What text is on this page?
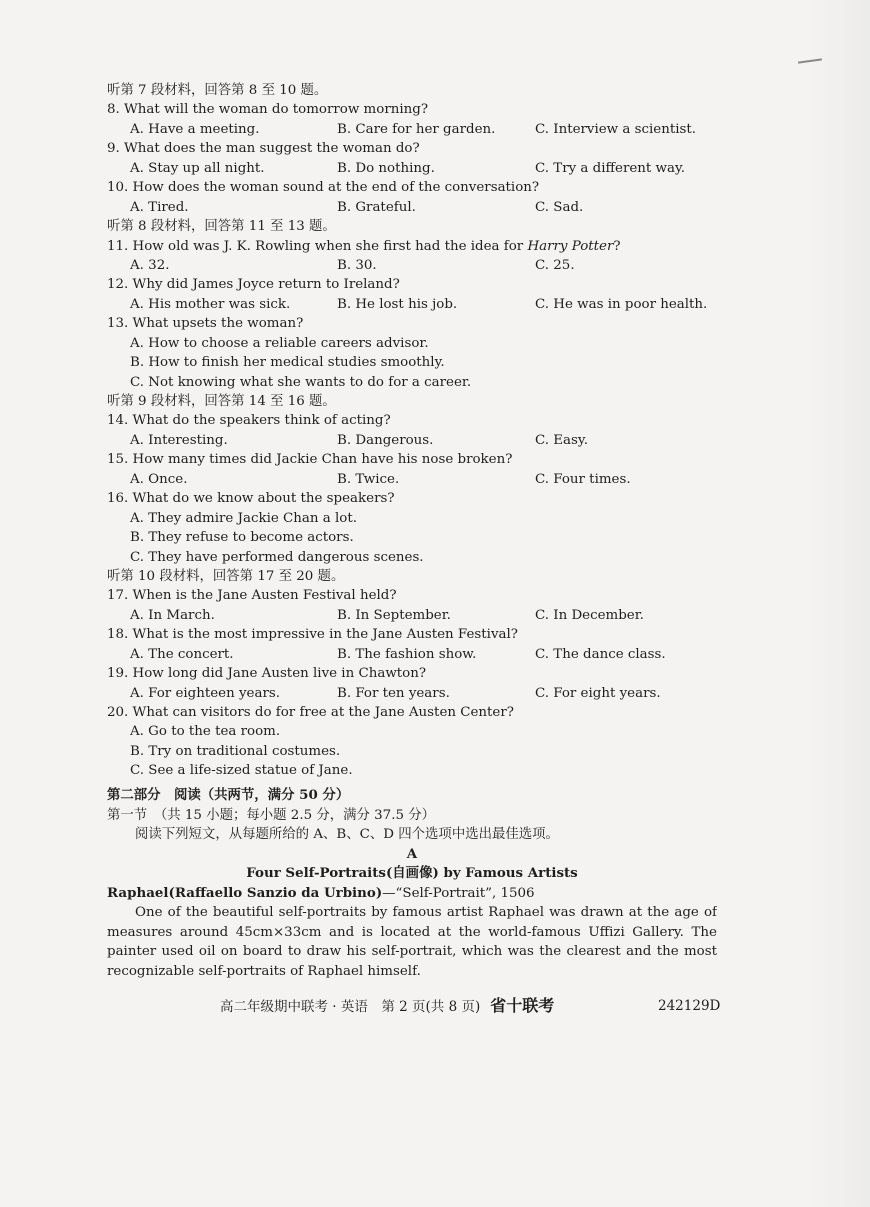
听第 7 段材料，回答第 8 至 10 题。
8. What will the woman do tomorrow morning?
A. Have a meeting.	B. Care for her garden.	C. Interview a scientist.
9. What does the man suggest the woman do?
A. Stay up all night.	B. Do nothing.	C. Try a different way.
10. How does the woman sound at the end of the conversation?
A. Tired.	B. Grateful.	C. Sad.
听第 8 段材料，回答第 11 至 13 题。
11. How old was J. K. Rowling when she first had the idea for Harry Potter?
A. 32.	B. 30.	C. 25.
12. Why did James Joyce return to Ireland?
A. His mother was sick.	B. He lost his job.	C. He was in poor health.
13. What upsets the woman?
A. How to choose a reliable careers advisor.
B. How to finish her medical studies smoothly.
C. Not knowing what she wants to do for a career.
听第 9 段材料，回答第 14 至 16 题。
14. What do the speakers think of acting?
A. Interesting.	B. Dangerous.	C. Easy.
15. How many times did Jackie Chan have his nose broken?
A. Once.	B. Twice.	C. Four times.
16. What do we know about the speakers?
A. They admire Jackie Chan a lot.
B. They refuse to become actors.
C. They have performed dangerous scenes.
听第 10 段材料，回答第 17 至 20 题。
17. When is the Jane Austen Festival held?
A. In March.	B. In September.	C. In December.
18. What is the most impressive in the Jane Austen Festival?
A. The concert.	B. The fashion show.	C. The dance class.
19. How long did Jane Austen live in Chawton?
A. For eighteen years.	B. For ten years.	C. For eight years.
20. What can visitors do for free at the Jane Austen Center?
A. Go to the tea room.
B. Try on traditional costumes.
C. See a life-sized statue of Jane.
第二部分　阅读（共两节，满分 50 分）
第一节　（共 15 小题；每小题 2.5 分，满分 37.5 分）
阅读下列短文，从每题所给的 A、B、C、D 四个选项中选出最佳选项。
A
Four Self-Portraits(自画像) by Famous Artists
Raphael(Raffaello Sanzio da Urbino)—“Self-Portrait”, 1506
One of the beautiful self-portraits by famous artist Raphael was drawn at the age of
measures around 45cm×33cm and is located at the world-famous Uffizi Gallery. The
painter used oil on board to draw his self-portrait, which was the clearest and the most
recognizable self-portraits of Raphael himself.
高二年级期中联考 · 英语　第 2 页(共 8 页) 省十联考	242129D
